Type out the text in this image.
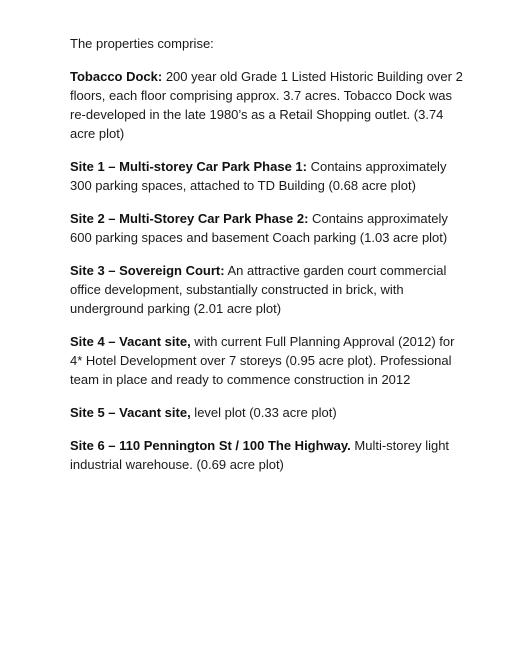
The properties comprise:

Tobacco Dock: 200 year old Grade 1 Listed Historic Building over 2 floors, each floor comprising approx. 3.7 acres. Tobacco Dock was re-developed in the late 1980’s as a Retail Shopping outlet. (3.74 acre plot)

Site 1 – Multi-storey Car Park Phase 1: Contains approximately 300 parking spaces, attached to TD Building (0.68 acre plot)

Site 2 – Multi-Storey Car Park Phase 2: Contains approximately 600 parking spaces and basement Coach parking (1.03 acre plot)

Site 3 – Sovereign Court: An attractive garden court commercial office development, substantially constructed in brick, with underground parking (2.01 acre plot)

Site 4 – Vacant site, with current Full Planning Approval (2012) for 4* Hotel Development over 7 storeys (0.95 acre plot). Professional team in place and ready to commence construction in 2012

Site 5 – Vacant site, level plot (0.33 acre plot)

Site 6 – 110 Pennington St / 100 The Highway. Multi-storey light industrial warehouse. (0.69 acre plot)
